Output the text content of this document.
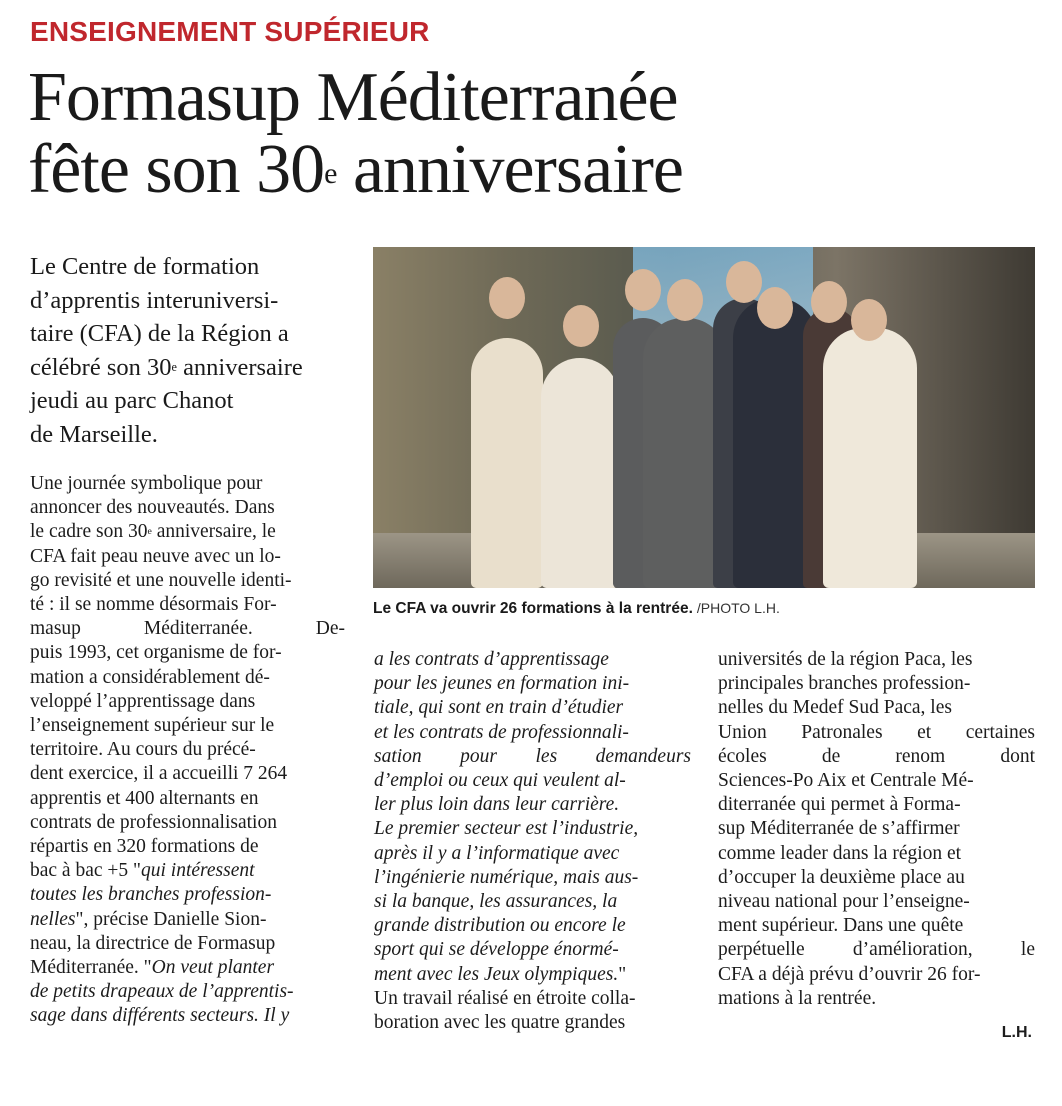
ENSEIGNEMENT SUPÉRIEUR
Formasup Méditerranée
fête son 30e anniversaire
Le Centre de formation
d’apprentis interuniversi-
taire (CFA) de la Région a
célébré son 30e anniversaire
jeudi au parc Chanot
de Marseille.
Le CFA va ouvrir 26 formations à la rentrée. /PHOTO L.H.
Une journée symbolique pour
annoncer des nouveautés. Dans
le cadre son 30e anniversaire, le
CFA fait peau neuve avec un lo-
go revisité et une nouvelle identi-
té : il se nomme désormais For-
masup Méditerranée. De-
puis 1993, cet organisme de for-
mation a considérablement dé-
veloppé l’apprentissage dans
l’enseignement supérieur sur le
territoire. Au cours du précé-
dent exercice, il a accueilli 7 264
apprentis et 400 alternants en
contrats de professionnalisation
répartis en 320 formations de
bac à bac +5 "qui intéressent
toutes les branches profession-
nelles", précise Danielle Sion-
neau, la directrice de Formasup
Méditerranée. "On veut planter
de petits drapeaux de l’apprentis-
sage dans différents secteurs. Il y
a les contrats d’apprentissage
pour les jeunes en formation ini-
tiale, qui sont en train d’étudier
et les contrats de professionnali-
sation pour les demandeurs
d’emploi ou ceux qui veulent al-
ler plus loin dans leur carrière.
Le premier secteur est l’industrie,
après il y a l’informatique avec
l’ingénierie numérique, mais aus-
si la banque, les assurances, la
grande distribution ou encore le
sport qui se développe énormé-
ment avec les Jeux olympiques."
Un travail réalisé en étroite colla-
boration avec les quatre grandes
universités de la région Paca, les
principales branches profession-
nelles du Medef Sud Paca, les
Union Patronales et certaines
écoles de renom dont
Sciences-Po Aix et Centrale Mé-
diterranée qui permet à Forma-
sup Méditerranée de s’affirmer
comme leader dans la région et
d’occuper la deuxième place au
niveau national pour l’enseigne-
ment supérieur. Dans une quête
perpétuelle d’amélioration, le
CFA a déjà prévu d’ouvrir 26 for-
mations à la rentrée.
L.H.
